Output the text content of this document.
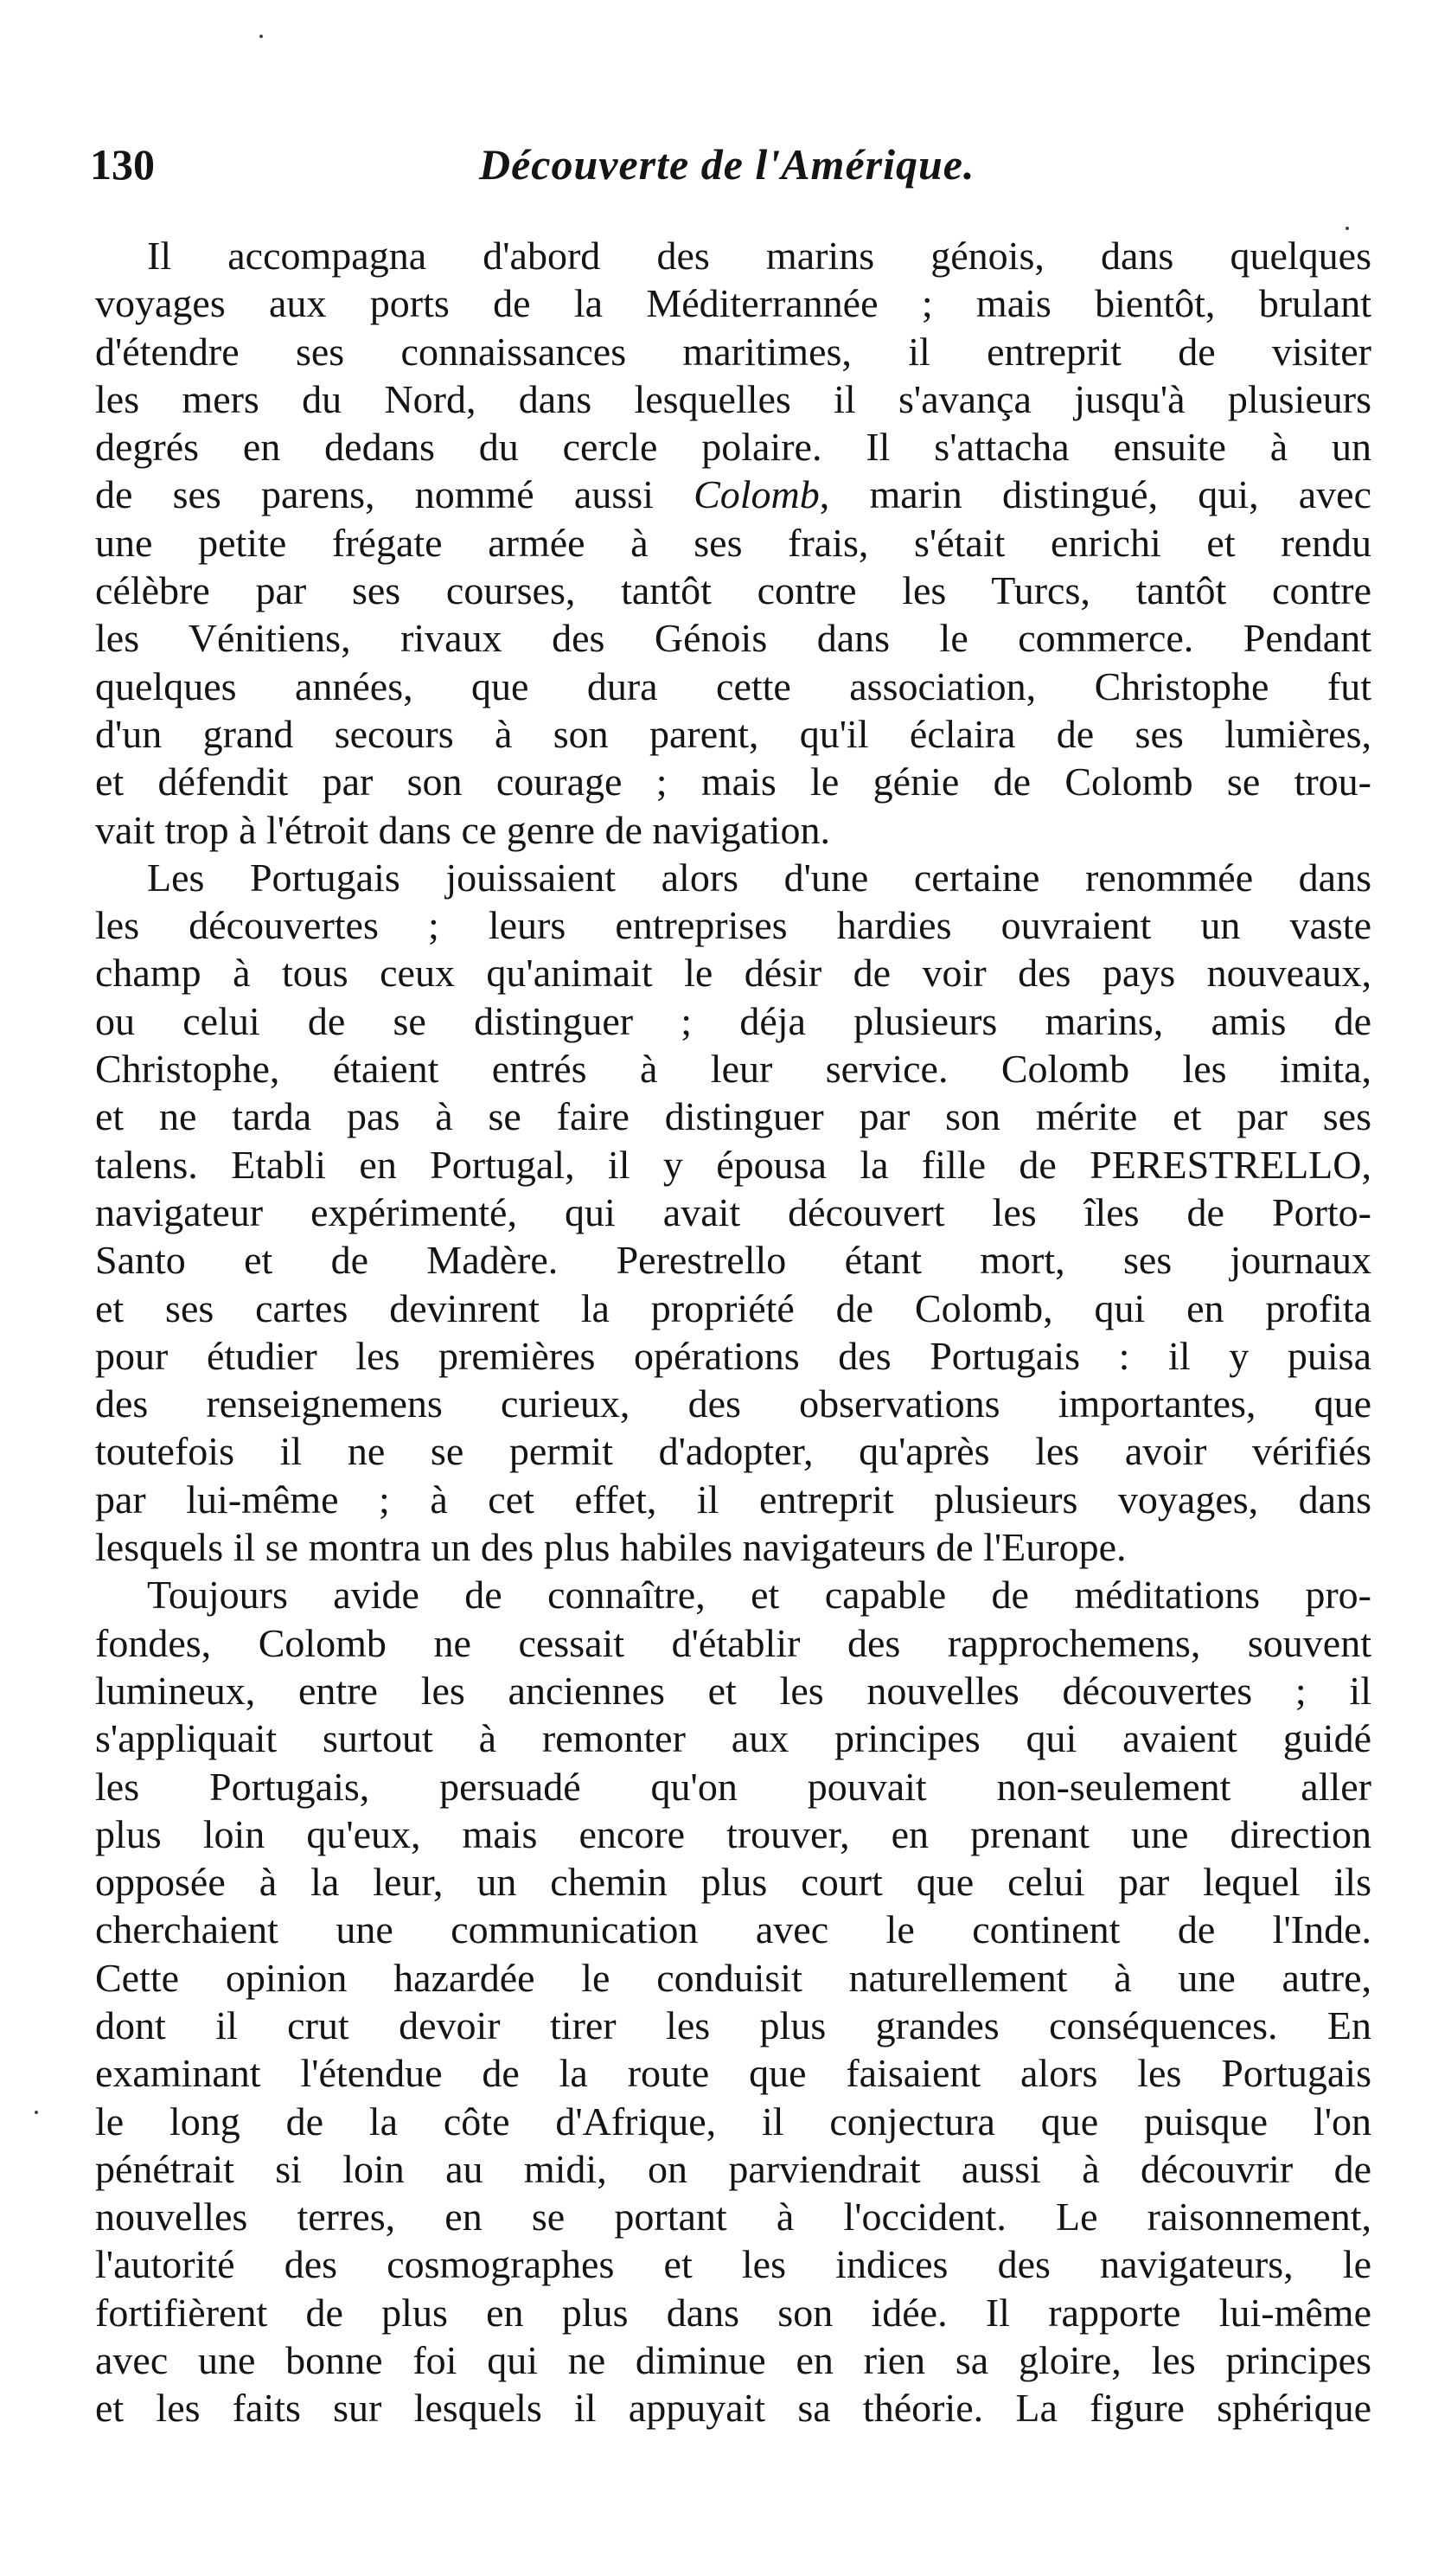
130	Découverte de l'Amérique.
Il accompagna d'abord des marins génois, dans quelques
voyages aux ports de la Méditerrannée ; mais bientôt, brulant
d'étendre ses connaissances maritimes, il entreprit de visiter
les mers du Nord, dans lesquelles il s'avança jusqu'à plusieurs
degrés en dedans du cercle polaire. Il s'attacha ensuite à un
de ses parens, nommé aussi Colomb, marin distingué, qui, avec
une petite frégate armée à ses frais, s'était enrichi et rendu
célèbre par ses courses, tantôt contre les Turcs, tantôt contre
les Vénitiens, rivaux des Génois dans le commerce. Pendant
quelques années, que dura cette association, Christophe fut
d'un grand secours à son parent, qu'il éclaira de ses lumières,
et défendit par son courage ; mais le génie de Colomb se trou-
vait trop à l'étroit dans ce genre de navigation.
Les Portugais jouissaient alors d'une certaine renommée dans
les découvertes ; leurs entreprises hardies ouvraient un vaste
champ à tous ceux qu'animait le désir de voir des pays nouveaux,
ou celui de se distinguer ; déja plusieurs marins, amis de
Christophe, étaient entrés à leur service. Colomb les imita,
et ne tarda pas à se faire distinguer par son mérite et par ses
talens. Etabli en Portugal, il y épousa la fille de PERESTRELLO,
navigateur expérimenté, qui avait découvert les îles de Porto-
Santo et de Madère. Perestrello étant mort, ses journaux
et ses cartes devinrent la propriété de Colomb, qui en profita
pour étudier les premières opérations des Portugais : il y puisa
des renseignemens curieux, des observations importantes, que
toutefois il ne se permit d'adopter, qu'après les avoir vérifiés
par lui-même ; à cet effet, il entreprit plusieurs voyages, dans
lesquels il se montra un des plus habiles navigateurs de l'Europe.
Toujours avide de connaître, et capable de méditations pro-
fondes, Colomb ne cessait d'établir des rapprochemens, souvent
lumineux, entre les anciennes et les nouvelles découvertes ; il
s'appliquait surtout à remonter aux principes qui avaient guidé
les Portugais, persuadé qu'on pouvait non-seulement aller
plus loin qu'eux, mais encore trouver, en prenant une direction
opposée à la leur, un chemin plus court que celui par lequel ils
cherchaient une communication avec le continent de l'Inde.
Cette opinion hazardée le conduisit naturellement à une autre,
dont il crut devoir tirer les plus grandes conséquences. En
examinant l'étendue de la route que faisaient alors les Portugais
le long de la côte d'Afrique, il conjectura que puisque l'on
pénétrait si loin au midi, on parviendrait aussi à découvrir de
nouvelles terres, en se portant à l'occident. Le raisonnement,
l'autorité des cosmographes et les indices des navigateurs, le
fortifièrent de plus en plus dans son idée. Il rapporte lui-même
avec une bonne foi qui ne diminue en rien sa gloire, les principes
et les faits sur lesquels il appuyait sa théorie. La figure sphérique
